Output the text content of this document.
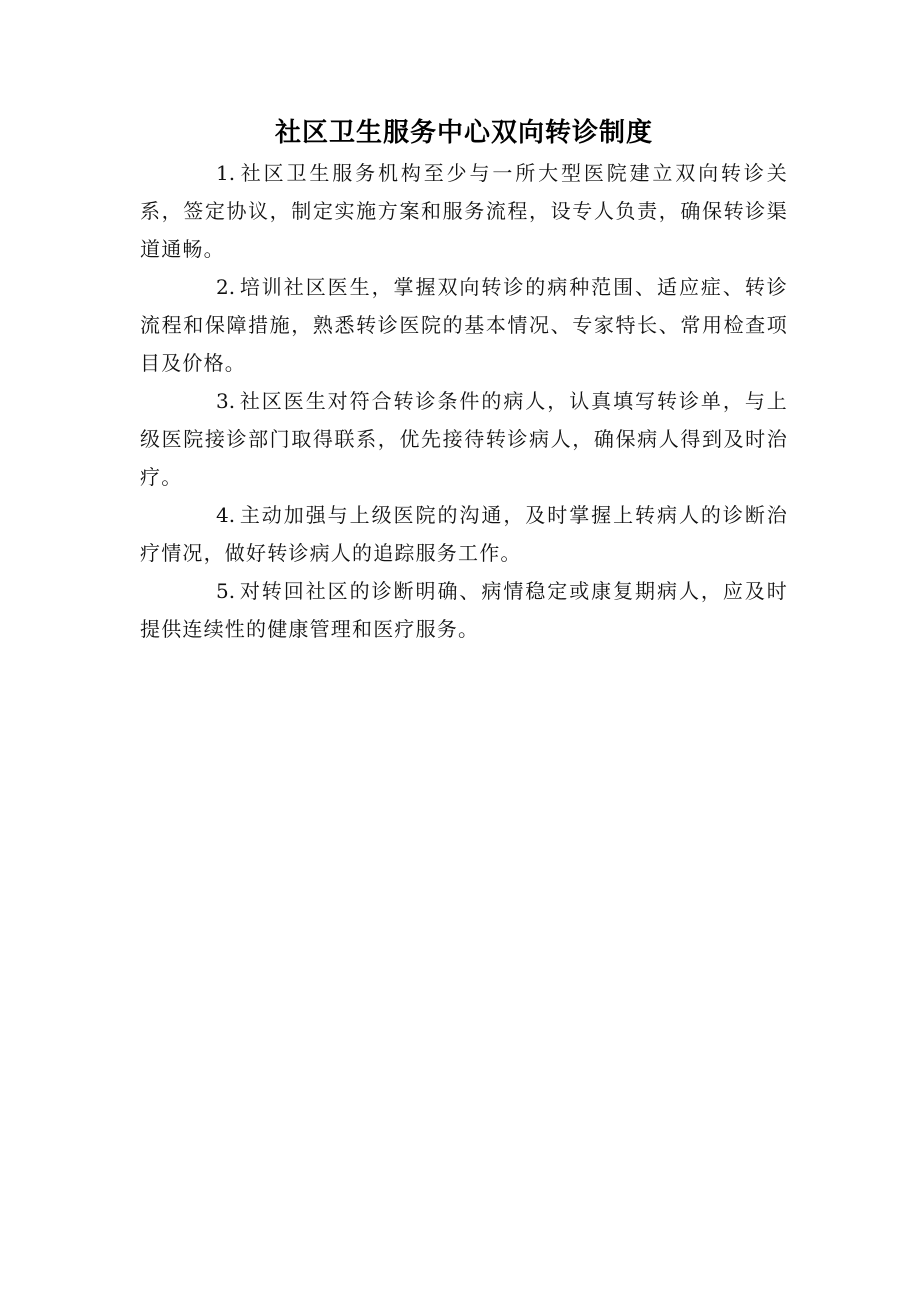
社区卫生服务中心双向转诊制度

1. 社区卫生服务机构至少与一所大型医院建立双向转诊关系，签定协议，制定实施方案和服务流程，设专人负责，确保转诊渠道通畅。

2. 培训社区医生，掌握双向转诊的病种范围、适应症、转诊流程和保障措施，熟悉转诊医院的基本情况、专家特长、常用检查项目及价格。

3. 社区医生对符合转诊条件的病人，认真填写转诊单，与上级医院接诊部门取得联系，优先接待转诊病人，确保病人得到及时治疗。

4. 主动加强与上级医院的沟通，及时掌握上转病人的诊断治疗情况，做好转诊病人的追踪服务工作。

5. 对转回社区的诊断明确、病情稳定或康复期病人，应及时提供连续性的健康管理和医疗服务。
